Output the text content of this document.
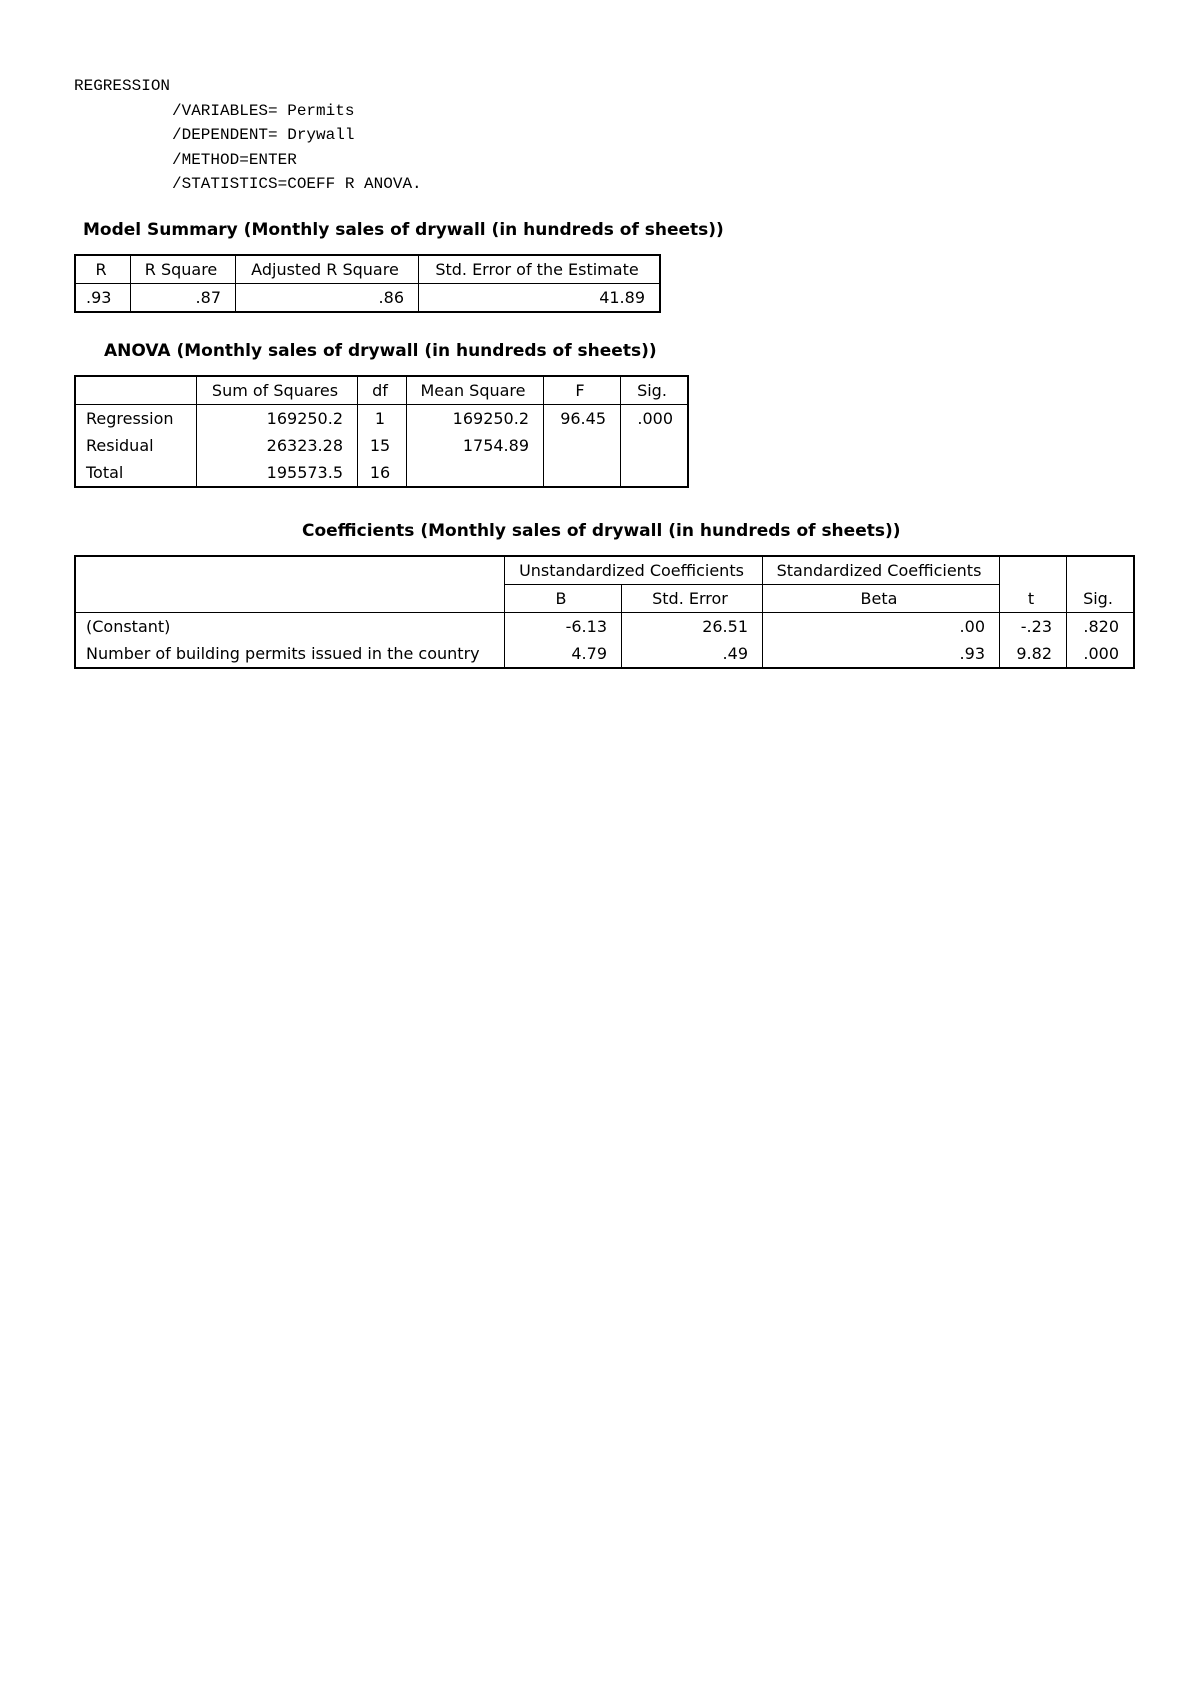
REGRESSION
/VARIABLES= Permits
/DEPENDENT= Drywall
/METHOD=ENTER
/STATISTICS=COEFF R ANOVA.
Model Summary (Monthly sales of drywall (in hundreds of sheets))
R	R Square	Adjusted R Square	Std. Error of the Estimate
.93	.87	.86	41.89
ANOVA (Monthly sales of drywall (in hundreds of sheets))
	Sum of Squares	df	Mean Square	F	Sig.
Regression	169250.2	1	169250.2	96.45	.000
Residual	26323.28	15	1754.89		
Total	195573.5	16			
Coefficients (Monthly sales of drywall (in hundreds of sheets))
	Unstandardized Coefficients		Standardized Coefficients		
	B	Std. Error	Beta	t	Sig.
(Constant)	-6.13	26.51	.00	-.23	.820
Number of building permits issued in the country	4.79	.49	.93	9.82	.000
